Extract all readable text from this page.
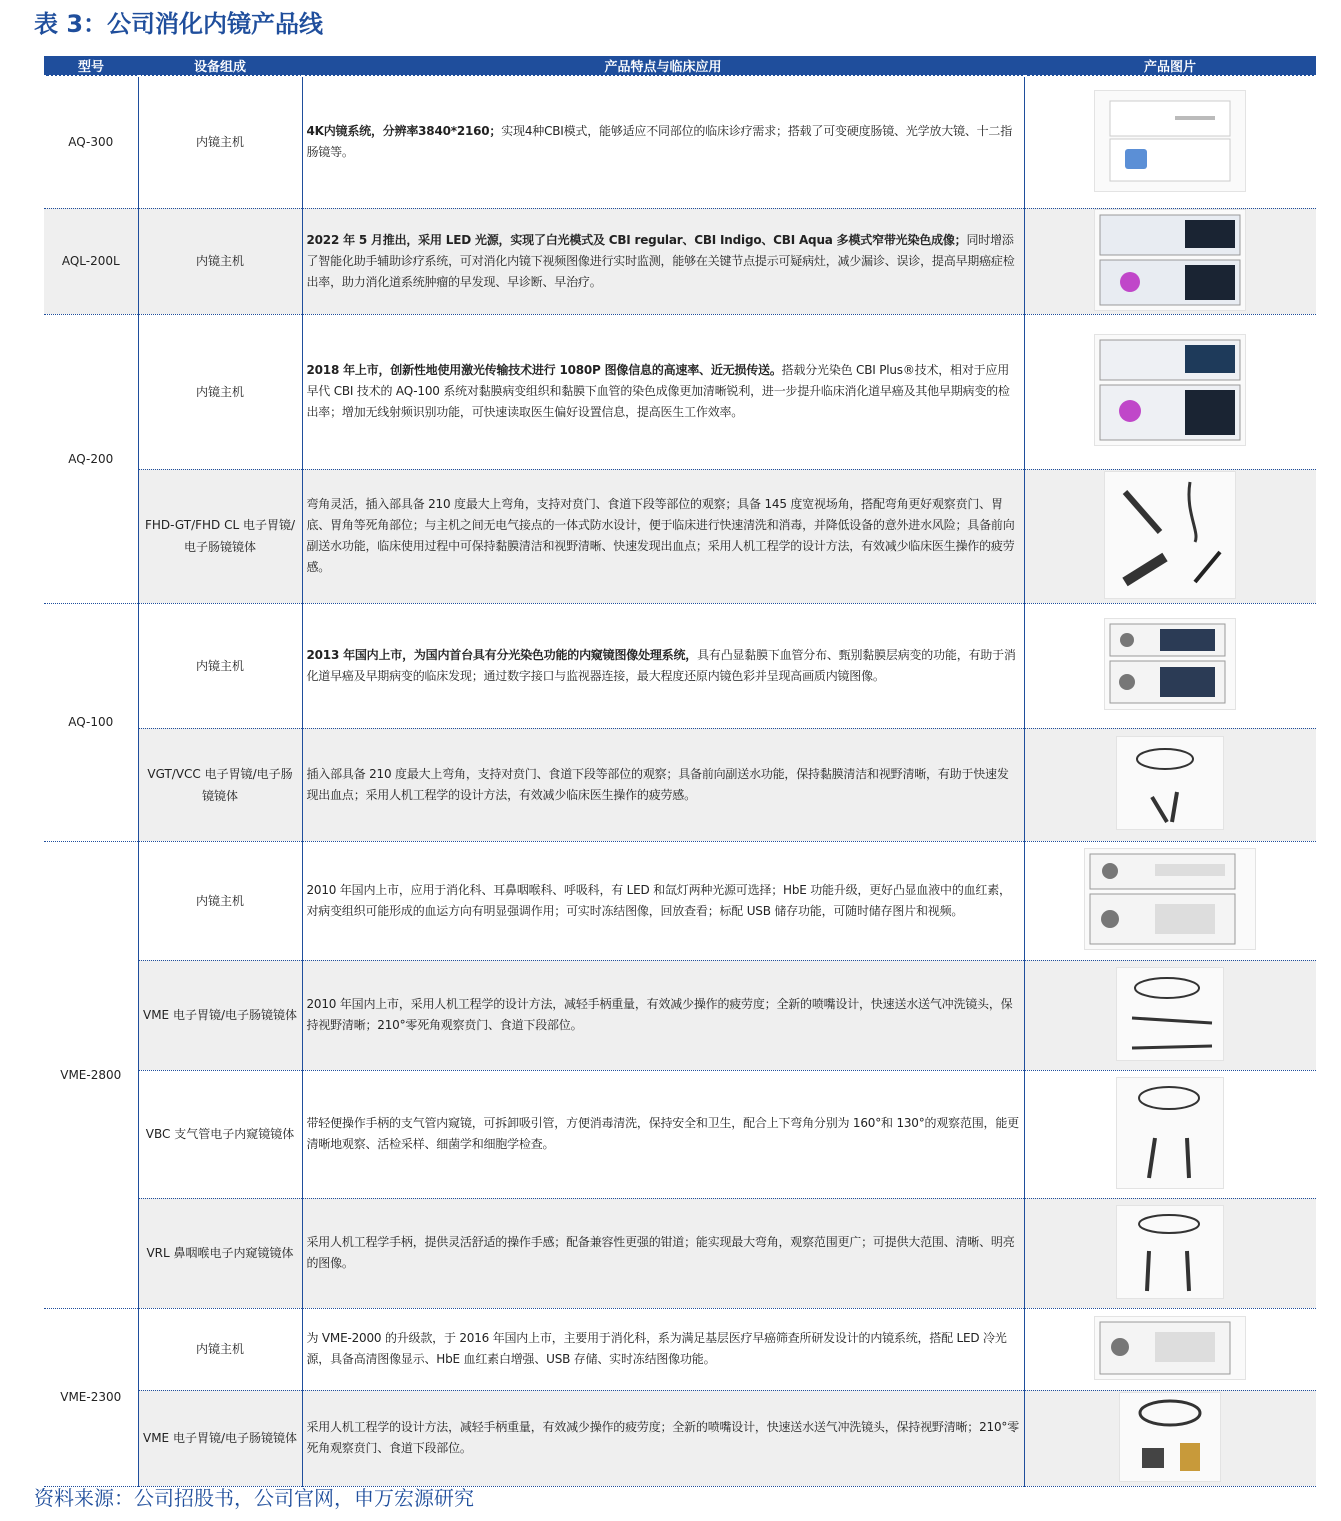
表 3：公司消化内镜产品线
型号	设备组成	产品特点与临床应用	产品图片
AQ-300	内镜主机	4K内镜系统，分辨率3840*2160；实现4种CBI模式，能够适应不同部位的临床诊疗需求；搭载了可变硬度肠镜、光学放大镜、十二指肠镜等。	
AQL-200L	内镜主机	2022 年 5 月推出，采用 LED 光源，实现了白光模式及 CBI regular、CBI Indigo、CBI Aqua 多模式窄带光染色成像；同时增添了智能化助手辅助诊疗系统，可对消化内镜下视频图像进行实时监测，能够在关键节点提示可疑病灶，减少漏诊、误诊，提高早期癌症检出率，助力消化道系统肿瘤的早发现、早诊断、早治疗。	
AQ-200	内镜主机	2018 年上市，创新性地使用激光传输技术进行 1080P 图像信息的高速率、近无损传送。搭载分光染色 CBI Plus®技术，相对于应用早代 CBI 技术的 AQ-100 系统对黏膜病变组织和黏膜下血管的染色成像更加清晰锐利，进一步提升临床消化道早癌及其他早期病变的检出率；增加无线射频识别功能，可快速读取医生偏好设置信息，提高医生工作效率。	
	FHD-GT/FHD CL 电子胃镜/电子肠镜镜体	弯角灵活，插入部具备 210 度最大上弯角，支持对贲门、食道下段等部位的观察；具备 145 度宽视场角，搭配弯角更好观察贲门、胃底、胃角等死角部位；与主机之间无电气接点的一体式防水设计，便于临床进行快速清洗和消毒，并降低设备的意外进水风险；具备前向副送水功能，临床使用过程中可保持黏膜清洁和视野清晰、快速发现出血点；采用人机工程学的设计方法，有效减少临床医生操作的疲劳感。	
AQ-100	内镜主机	2013 年国内上市，为国内首台具有分光染色功能的内窥镜图像处理系统，具有凸显黏膜下血管分布、甄别黏膜层病变的功能，有助于消化道早癌及早期病变的临床发现；通过数字接口与监视器连接，最大程度还原内镜色彩并呈现高画质内镜图像。	
	VGT/VCC 电子胃镜/电子肠镜镜体	插入部具备 210 度最大上弯角，支持对贲门、食道下段等部位的观察；具备前向副送水功能，保持黏膜清洁和视野清晰，有助于快速发现出血点；采用人机工程学的设计方法，有效减少临床医生操作的疲劳感。	
VME-2800	内镜主机	2010 年国内上市，应用于消化科、耳鼻咽喉科、呼吸科，有 LED 和氙灯两种光源可选择；HbE 功能升级，更好凸显血液中的血红素，对病变组织可能形成的血运方向有明显强调作用；可实时冻结图像，回放查看；标配 USB 储存功能，可随时储存图片和视频。	
	VME 电子胃镜/电子肠镜镜体	2010 年国内上市，采用人机工程学的设计方法，减轻手柄重量，有效减少操作的疲劳度；全新的喷嘴设计，快速送水送气冲洗镜头，保持视野清晰；210°零死角观察贲门、食道下段部位。	
	VBC 支气管电子内窥镜镜体	带轻便操作手柄的支气管内窥镜，可拆卸吸引管，方便消毒清洗，保持安全和卫生，配合上下弯角分别为 160°和 130°的观察范围，能更清晰地观察、活检采样、细菌学和细胞学检查。	
	VRL 鼻咽喉电子内窥镜镜体	采用人机工程学手柄，提供灵活舒适的操作手感；配备兼容性更强的钳道；能实现最大弯角，观察范围更广；可提供大范围、清晰、明亮的图像。	
VME-2300	内镜主机	为 VME-2000 的升级款，于 2016 年国内上市，主要用于消化科，系为满足基层医疗早癌筛查所研发设计的内镜系统，搭配 LED 冷光源，具备高清图像显示、HbE 血红素白增强、USB 存储、实时冻结图像功能。	
	VME 电子胃镜/电子肠镜镜体	采用人机工程学的设计方法，减轻手柄重量，有效减少操作的疲劳度；全新的喷嘴设计，快速送水送气冲洗镜头，保持视野清晰；210°零死角观察贲门、食道下段部位。	
资料来源：公司招股书，公司官网，申万宏源研究
